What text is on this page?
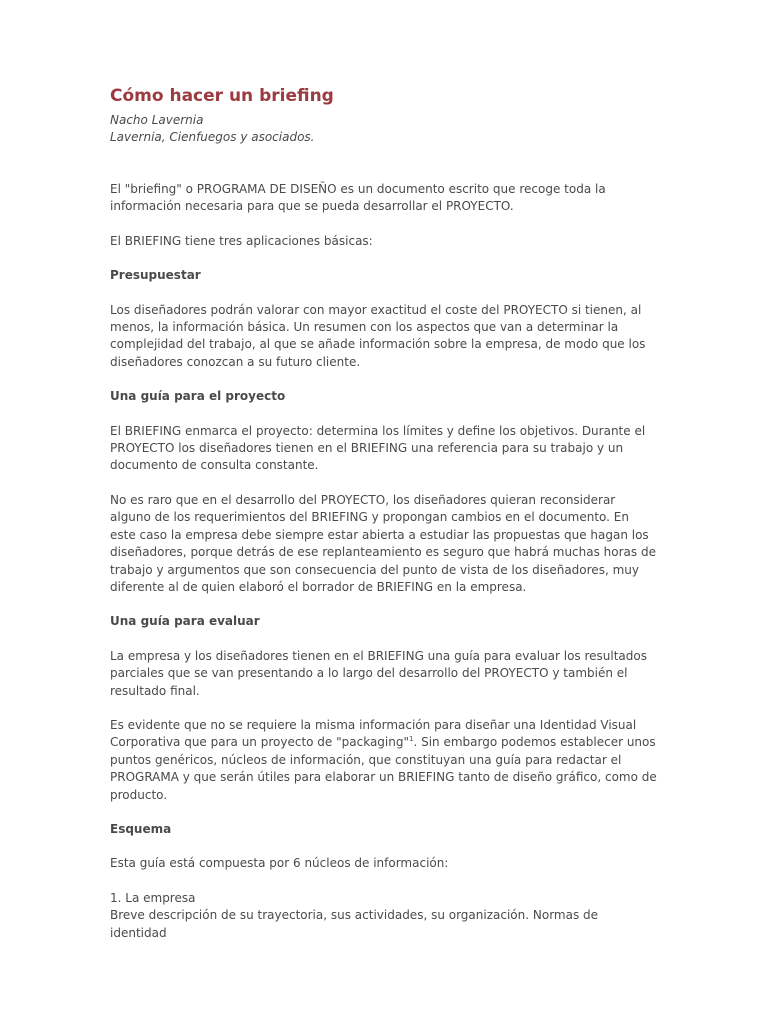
Cómo hacer un briefing

Nacho Lavernia

Lavernia, Cienfuegos y asociados.

El "briefing" o PROGRAMA DE DISEÑO es un documento escrito que recoge toda la información necesaria para que se pueda desarrollar el PROYECTO.

El BRIEFING tiene tres aplicaciones básicas:

Presupuestar

Los diseñadores podrán valorar con mayor exactitud el coste del PROYECTO si tienen, al menos, la información básica. Un resumen con los aspectos que van a determinar la complejidad del trabajo, al que se añade información sobre la empresa, de modo que los diseñadores conozcan a su futuro cliente.

Una guía para el proyecto

El BRIEFING enmarca el proyecto: determina los límites y define los objetivos. Durante el PROYECTO los diseñadores tienen en el BRIEFING una referencia para su trabajo y un documento de consulta constante.

No es raro que en el desarrollo del PROYECTO, los diseñadores quieran reconsiderar alguno de los requerimientos del BRIEFING y propongan cambios en el documento. En este caso la empresa debe siempre estar abierta a estudiar las propuestas que hagan los diseñadores, porque detrás de ese replanteamiento es seguro que habrá muchas horas de trabajo y argumentos que son consecuencia del punto de vista de los diseñadores, muy diferente al de quien elaboró el borrador de BRIEFING en la empresa.

Una guía para evaluar

La empresa y los diseñadores tienen en el BRIEFING una guía para evaluar los resultados parciales que se van presentando a lo largo del desarrollo del PROYECTO y también el resultado final.

Es evidente que no se requiere la misma información para diseñar una Identidad Visual Corporativa que para un proyecto de "packaging"$^1$. Sin embargo podemos establecer unos puntos genéricos, núcleos de información, que constituyan una guía para redactar el PROGRAMA y que serán útiles para elaborar un BRIEFING tanto de diseño gráfico, como de producto.

Esquema

Esta guía está compuesta por 6 núcleos de información:

1. La empresa
Breve descripción de su trayectoria, sus actividades, su organización. Normas de identidad
